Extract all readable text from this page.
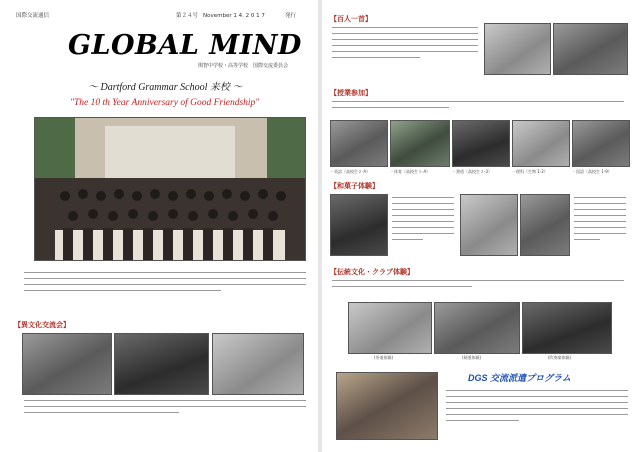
国際交流通信	第２４号 November 1 4. 2 0 1 7	発行
GLOBAL MIND
関智中学校・高等学校　国際交流委員会
～ Dartford Grammar School 来校 ～
"The 10 th Year Anniversary of Good Friendship"
【異文化交流会】
【百人一首】
【授業参加】
・英語（高校生２-A）	・体育（高校生１-A）	・書道（高校生２-3）	・理科（生物 1-2）	・国語（高校生 1-9）
【和菓子体験】
【伝統文化・クラブ体験】
(茶道体験)	(剣道体験)	(吹奏楽体験)
DGS 交流派遣プログラム
